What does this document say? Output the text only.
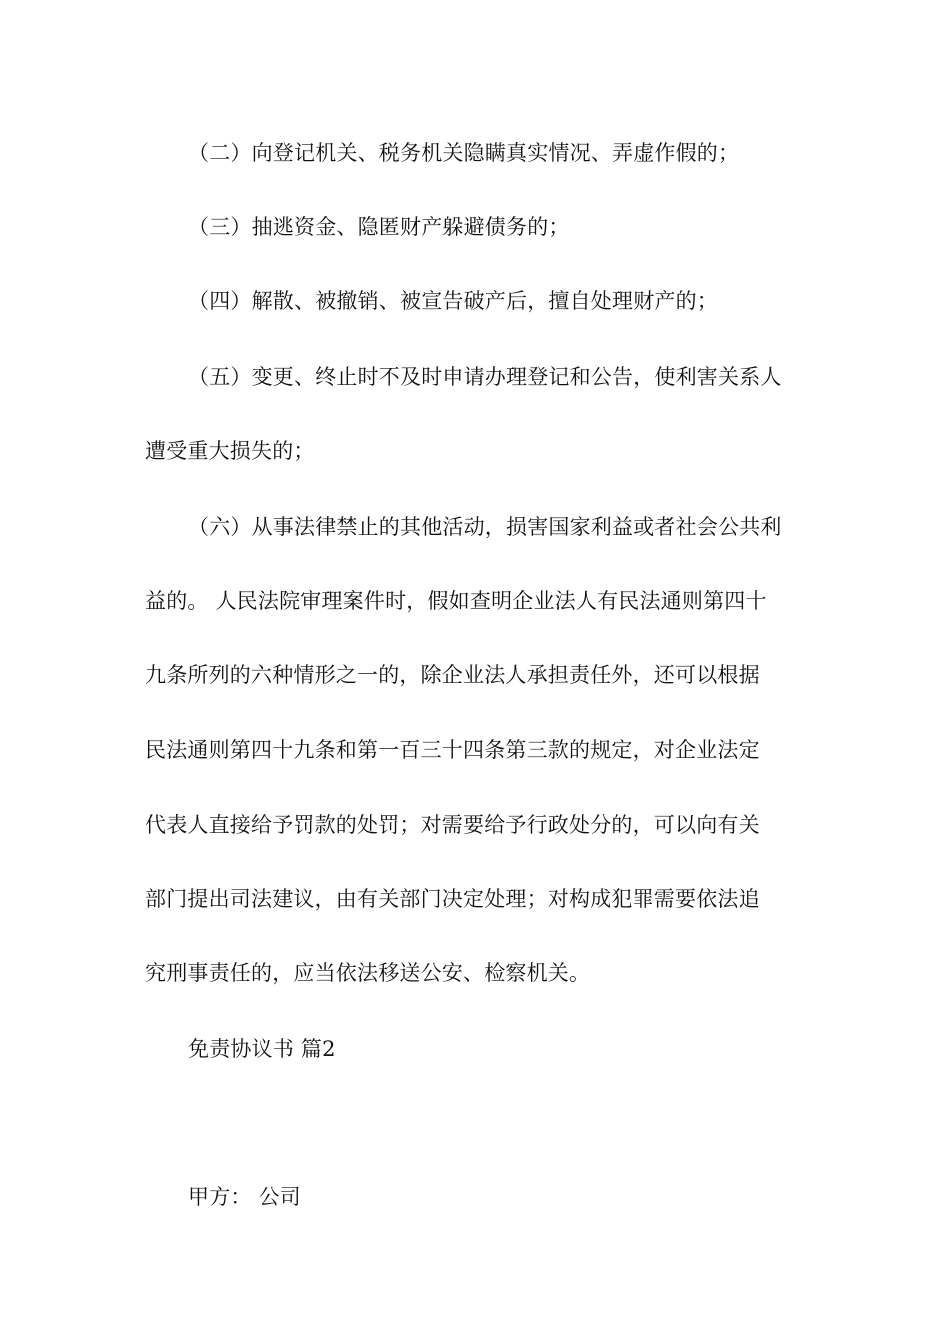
（二）向登记机关、税务机关隐瞒真实情况、弄虚作假的；
（三）抽逃资金、隐匿财产躲避债务的；
（四）解散、被撤销、被宣告破产后，擅自处理财产的；
（五）变更、终止时不及时申请办理登记和公告，使利害关系人
遭受重大损失的；
（六）从事法律禁止的其他活动，损害国家利益或者社会公共利
益的。 人民法院审理案件时，假如查明企业法人有民法通则第四十
九条所列的六种情形之一的，除企业法人承担责任外，还可以根据
民法通则第四十九条和第一百三十四条第三款的规定，对企业法定
代表人直接给予罚款的处罚；对需要给予行政处分的，可以向有关
部门提出司法建议，由有关部门决定处理；对构成犯罪需要依法追
究刑事责任的，应当依法移送公安、检察机关。
免责协议书 篇2
甲方： 公司
